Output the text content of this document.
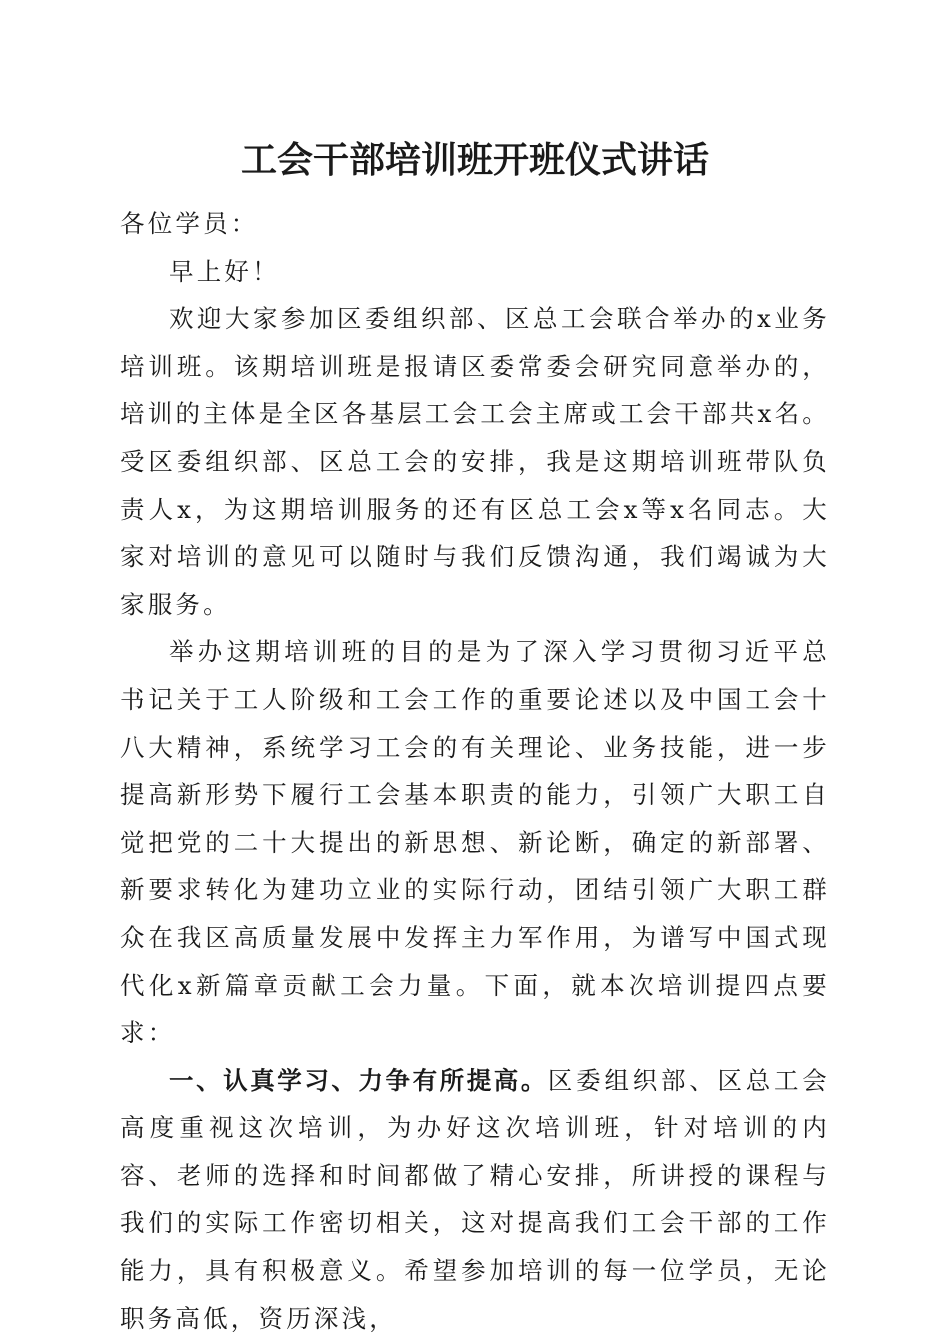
工会干部培训班开班仪式讲话

各位学员：

早上好！

欢迎大家参加区委组织部、区总工会联合举办的x业务培训班。该期培训班是报请区委常委会研究同意举办的，培训的主体是全区各基层工会工会主席或工会干部共x名。受区委组织部、区总工会的安排，我是这期培训班带队负责人x，为这期培训服务的还有区总工会x等x名同志。大家对培训的意见可以随时与我们反馈沟通，我们竭诚为大家服务。

举办这期培训班的目的是为了深入学习贯彻习近平总书记关于工人阶级和工会工作的重要论述以及中国工会十八大精神，系统学习工会的有关理论、业务技能，进一步提高新形势下履行工会基本职责的能力，引领广大职工自觉把党的二十大提出的新思想、新论断，确定的新部署、新要求转化为建功立业的实际行动，团结引领广大职工群众在我区高质量发展中发挥主力军作用，为谱写中国式现代化x新篇章贡献工会力量。下面，就本次培训提四点要求：

一、认真学习、力争有所提高。区委组织部、区总工会高度重视这次培训，为办好这次培训班，针对培训的内容、老师的选择和时间都做了精心安排，所讲授的课程与我们的实际工作密切相关，这对提高我们工会干部的工作能力，具有积极意义。希望参加培训的每一位学员，无论职务高低，资历深浅，
